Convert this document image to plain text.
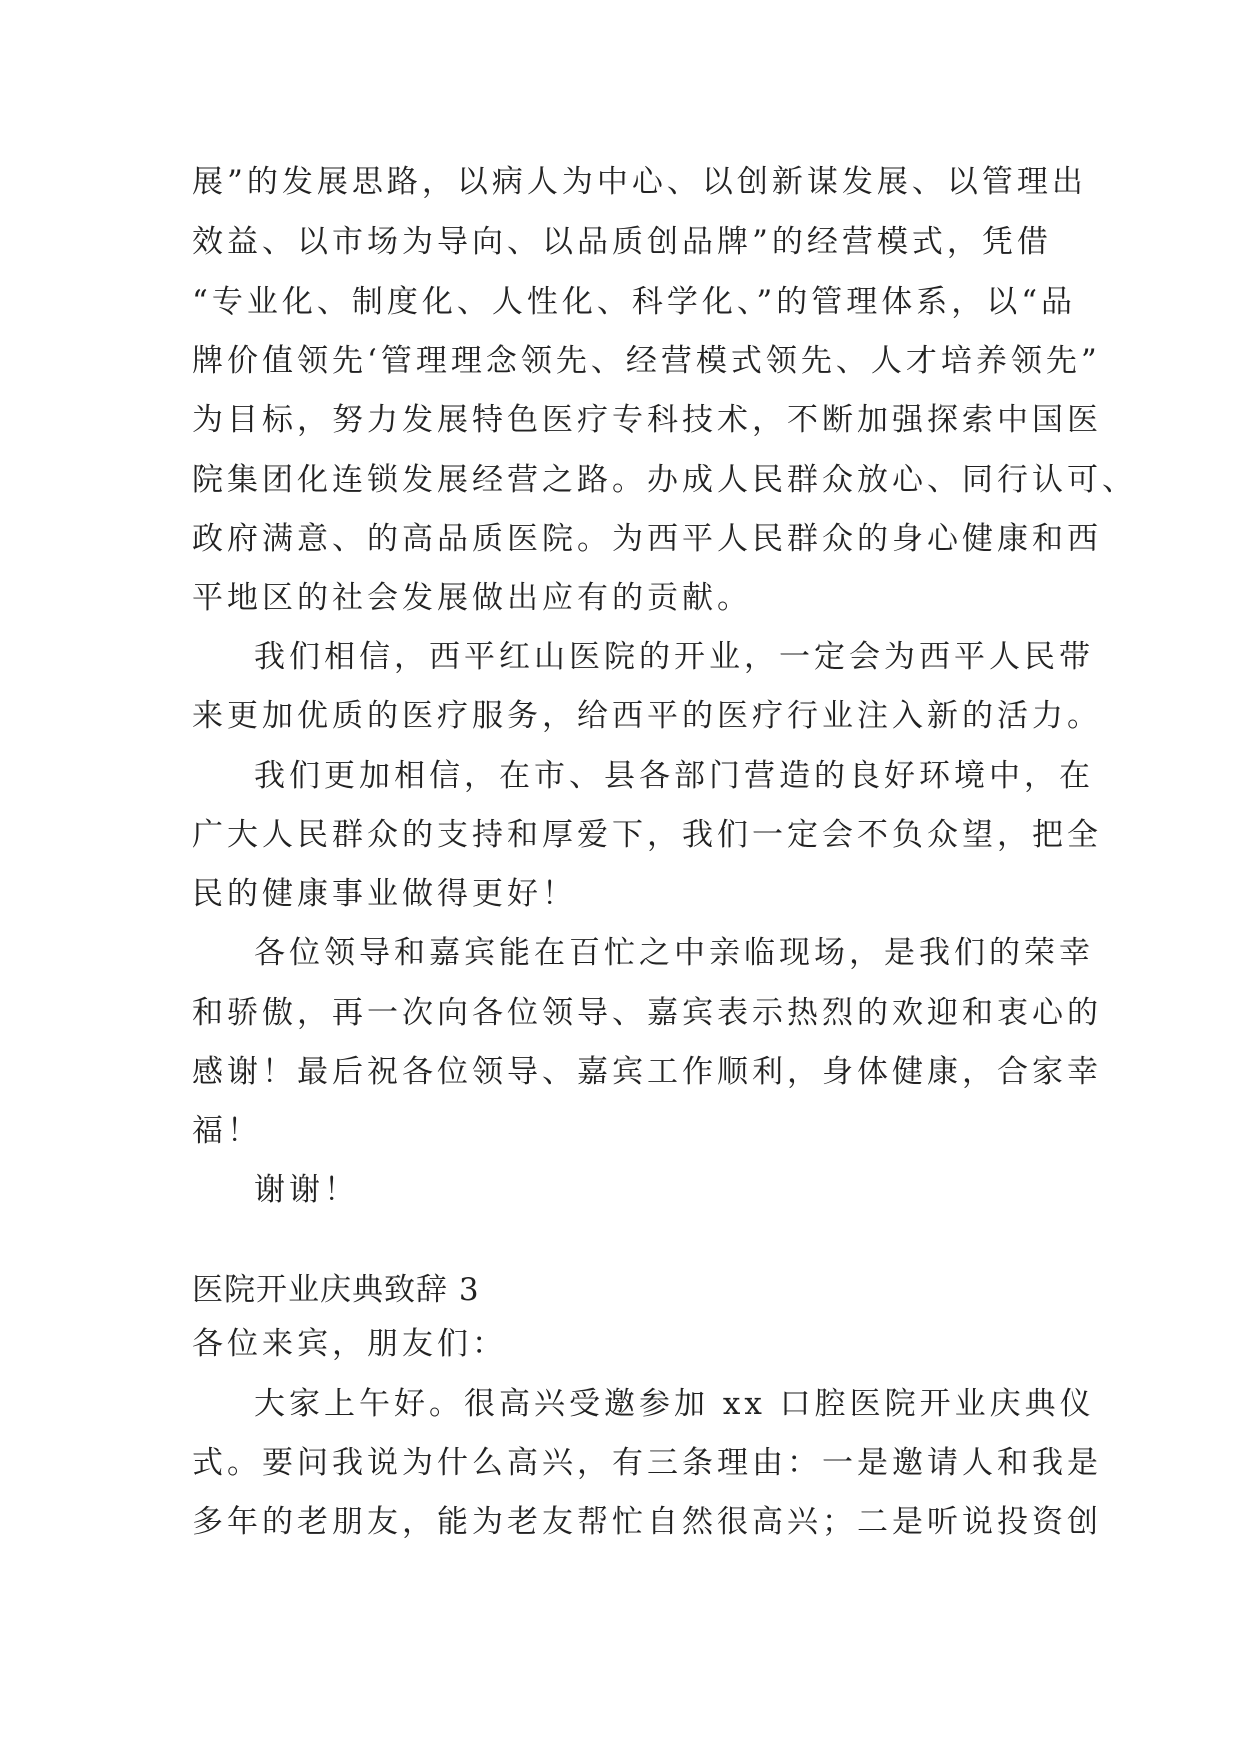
展”的发展思路，以病人为中心、以创新谋发展、以管理出
效益、以市场为导向、以品质创品牌”的经营模式，凭借
“专业化、制度化、人性化、科学化、”的管理体系，以“品
牌价值领先‘管理理念领先、经营模式领先、人才培养领先”
为目标，努力发展特色医疗专科技术，不断加强探索中国医
院集团化连锁发展经营之路。办成人民群众放心、同行认可、
政府满意、的高品质医院。为西平人民群众的身心健康和西
平地区的社会发展做出应有的贡献。
我们相信，西平红山医院的开业，一定会为西平人民带
来更加优质的医疗服务，给西平的医疗行业注入新的活力。
我们更加相信，在市、县各部门营造的良好环境中，在
广大人民群众的支持和厚爱下，我们一定会不负众望，把全
民的健康事业做得更好！
各位领导和嘉宾能在百忙之中亲临现场，是我们的荣幸
和骄傲，再一次向各位领导、嘉宾表示热烈的欢迎和衷心的
感谢！最后祝各位领导、嘉宾工作顺利，身体健康，合家幸
福！
谢谢！
医院开业庆典致辞 3
各位来宾，朋友们：
大家上午好。很高兴受邀参加 xx 口腔医院开业庆典仪
式。要问我说为什么高兴，有三条理由：一是邀请人和我是
多年的老朋友，能为老友帮忙自然很高兴；二是听说投资创
